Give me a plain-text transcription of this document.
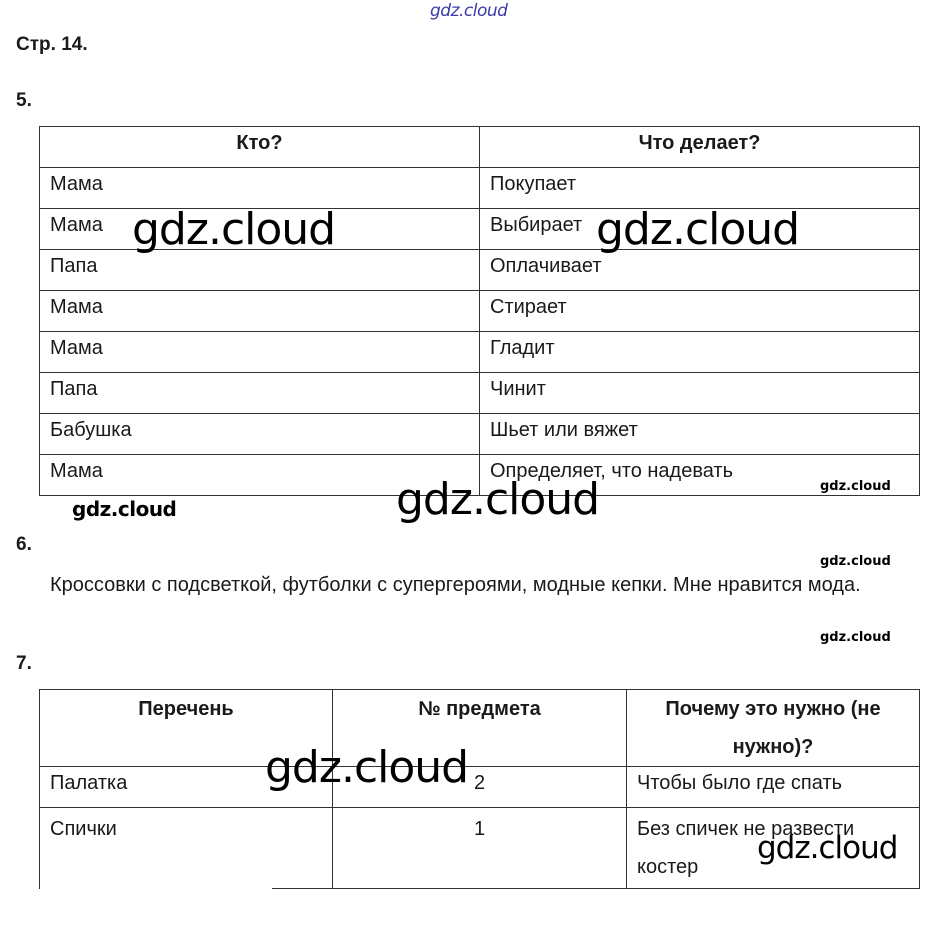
gdz.cloud
Стр. 14.
5.
Кто?	Что делает?
Мама	Покупает
Мама	Выбирает
Папа	Оплачивает
Мама	Стирает
Мама	Гладит
Папа	Чинит
Бабушка	Шьет или вяжет
Мама	Определяет, что надевать
gdz.cloud	gdz.cloud
gdz.cloud
gdz.cloud
gdz.cloud
6.
gdz.cloud
Кроссовки с подсветкой, футболки с супергероями, модные кепки. Мне нравится мода.
gdz.cloud
7.
Перечень	№ предмета	Почему это нужно (не нужно)?
Палатка	2	Чтобы было где спать
Спички	1	Без спичек не развести костер
gdz.cloud
gdz.cloud
